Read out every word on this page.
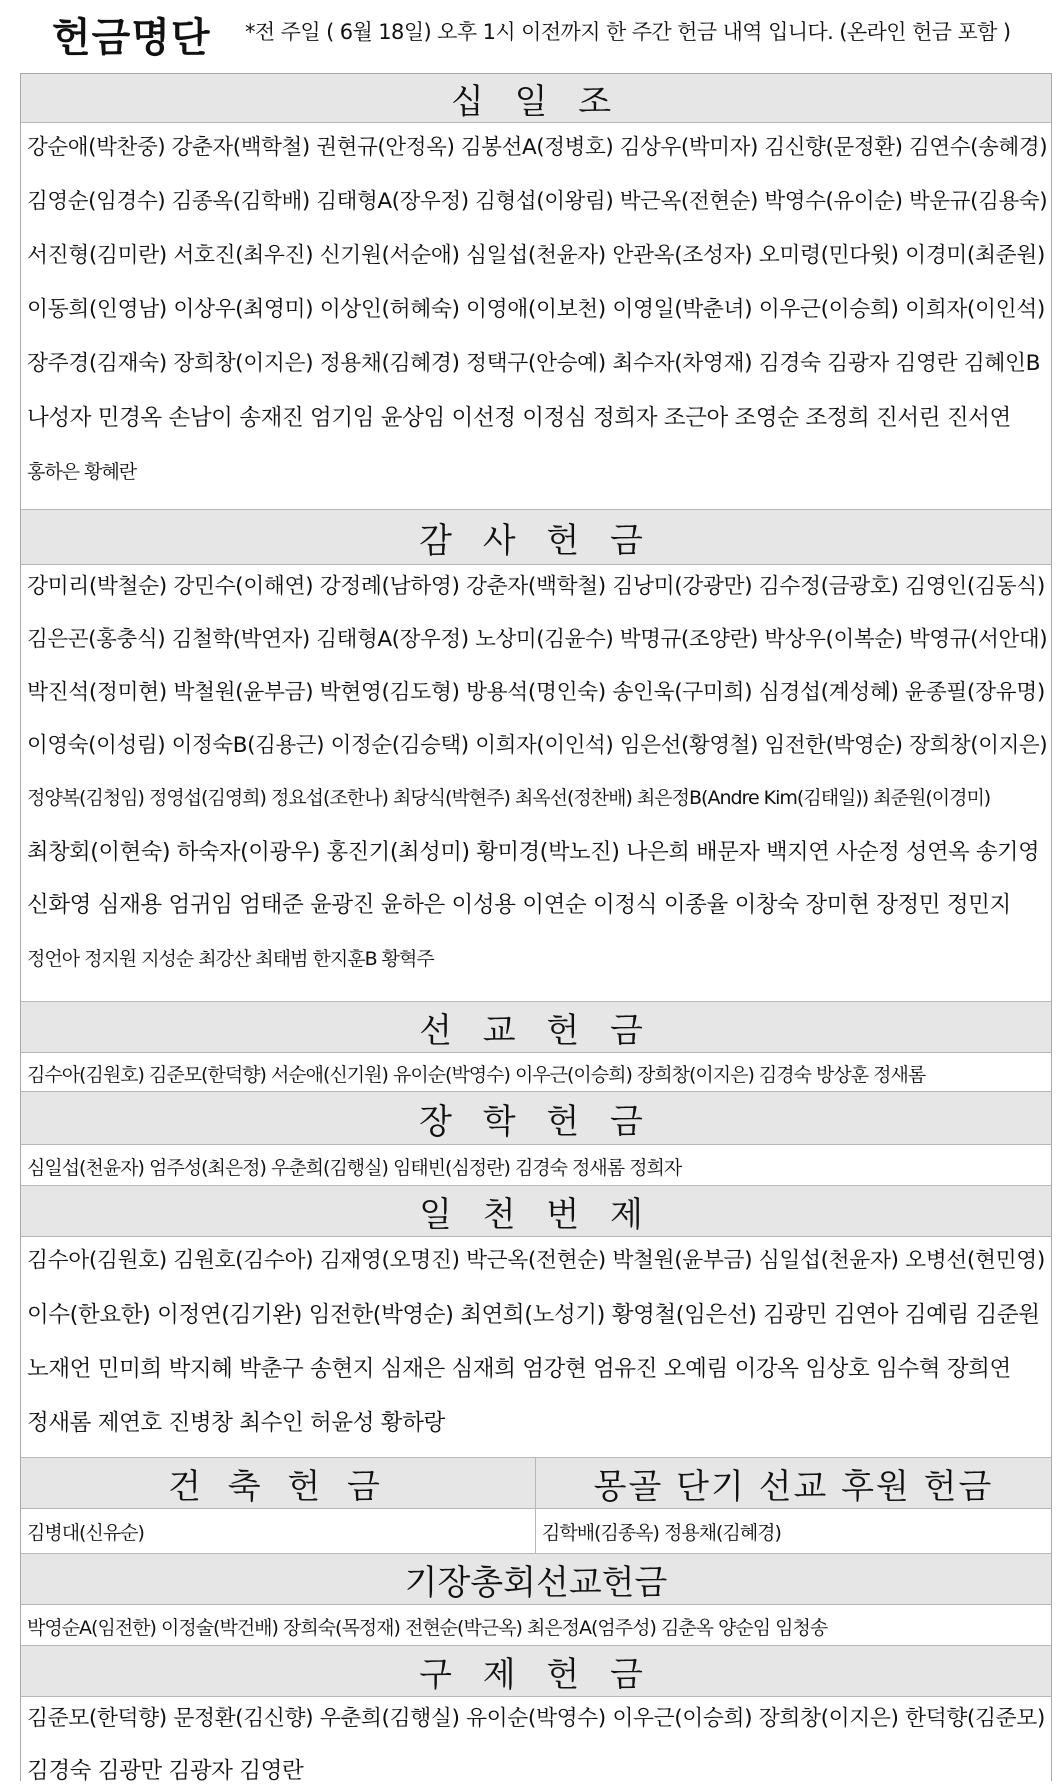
헌금명단 *전 주일 ( 6월 18일) 오후 1시 이전까지 한 주간 헌금 내역 입니다. (온라인 헌금 포함 )
십 일 조
강순애(박찬중) 강춘자(백학철) 권현규(안정옥) 김봉선A(정병호) 김상우(박미자) 김신향(문정환) 김연수(송혜경)
김영순(임경수) 김종옥(김학배) 김태형A(장우정) 김형섭(이왕림) 박근옥(전현순) 박영수(유이순) 박운규(김용숙)
서진형(김미란) 서호진(최우진) 신기원(서순애) 심일섭(천윤자) 안관옥(조성자) 오미령(민다윗) 이경미(최준원)
이동희(인영남) 이상우(최영미) 이상인(허혜숙) 이영애(이보천) 이영일(박춘녀) 이우근(이승희) 이희자(이인석)
장주경(김재숙) 장희창(이지은) 정용채(김혜경) 정택구(안승예) 최수자(차영재) 김경숙 김광자 김영란 김혜인B
나성자 민경옥 손남이 송재진 엄기임 윤상임 이선정 이정심 정희자 조근아 조영순 조정희 진서린 진서연
홍하은 황혜란
감 사 헌 금
강미리(박철순) 강민수(이해연) 강정례(남하영) 강춘자(백학철) 김낭미(강광만) 김수정(금광호) 김영인(김동식)
김은곤(홍충식) 김철학(박연자) 김태형A(장우정) 노상미(김윤수) 박명규(조양란) 박상우(이복순) 박영규(서안대)
박진석(정미현) 박철원(윤부금) 박현영(김도형) 방용석(명인숙) 송인욱(구미희) 심경섭(계성혜) 윤종필(장유명)
이영숙(이성림) 이정숙B(김용근) 이정순(김승택) 이희자(이인석) 임은선(황영철) 임전한(박영순) 장희창(이지은)
정양복(김청임) 정영섭(김영희) 정요섭(조한나) 최당식(박현주) 최옥선(정찬배) 최은정B(Andre Kim(김태일)) 최준원(이경미)
최창회(이현숙) 하숙자(이광우) 홍진기(최성미) 황미경(박노진) 나은희 배문자 백지연 사순정 성연옥 송기영
신화영 심재용 엄귀임 엄태준 윤광진 윤하은 이성용 이연순 이정식 이종율 이창숙 장미현 장정민 정민지
정언아 정지원 지성순 최강산 최태범 한지훈B 황혁주
선 교 헌 금
김수아(김원호) 김준모(한덕향) 서순애(신기원) 유이순(박영수) 이우근(이승희) 장희창(이지은) 김경숙 방상훈 정새롬
장 학 헌 금
심일섭(천윤자) 엄주성(최은정) 우춘희(김행실) 임태빈(심정란) 김경숙 정새롬 정희자
일 천 번 제
김수아(김원호) 김원호(김수아) 김재영(오명진) 박근옥(전현순) 박철원(윤부금) 심일섭(천윤자) 오병선(현민영)
이수(한요한) 이정연(김기완) 임전한(박영순) 최연희(노성기) 황영철(임은선) 김광민 김연아 김예림 김준원
노재언 민미희 박지혜 박춘구 송현지 심재은 심재희 엄강현 엄유진 오예림 이강옥 임상호 임수혁 장희연
정새롬 제연호 진병창 최수인 허윤성 황하랑
건 축 헌 금	몽골 단기 선교 후원 헌금
김병대(신유순)	김학배(김종옥) 정용채(김혜경)
기장총회선교헌금
박영순A(임전한) 이정술(박건배) 장희숙(목정재) 전현순(박근옥) 최은정A(엄주성) 김춘옥 양순임 임청송
구 제 헌 금
김준모(한덕향) 문정환(김신향) 우춘희(김행실) 유이순(박영수) 이우근(이승희) 장희창(이지은) 한덕향(김준모)
김경숙 김광만 김광자 김영란
